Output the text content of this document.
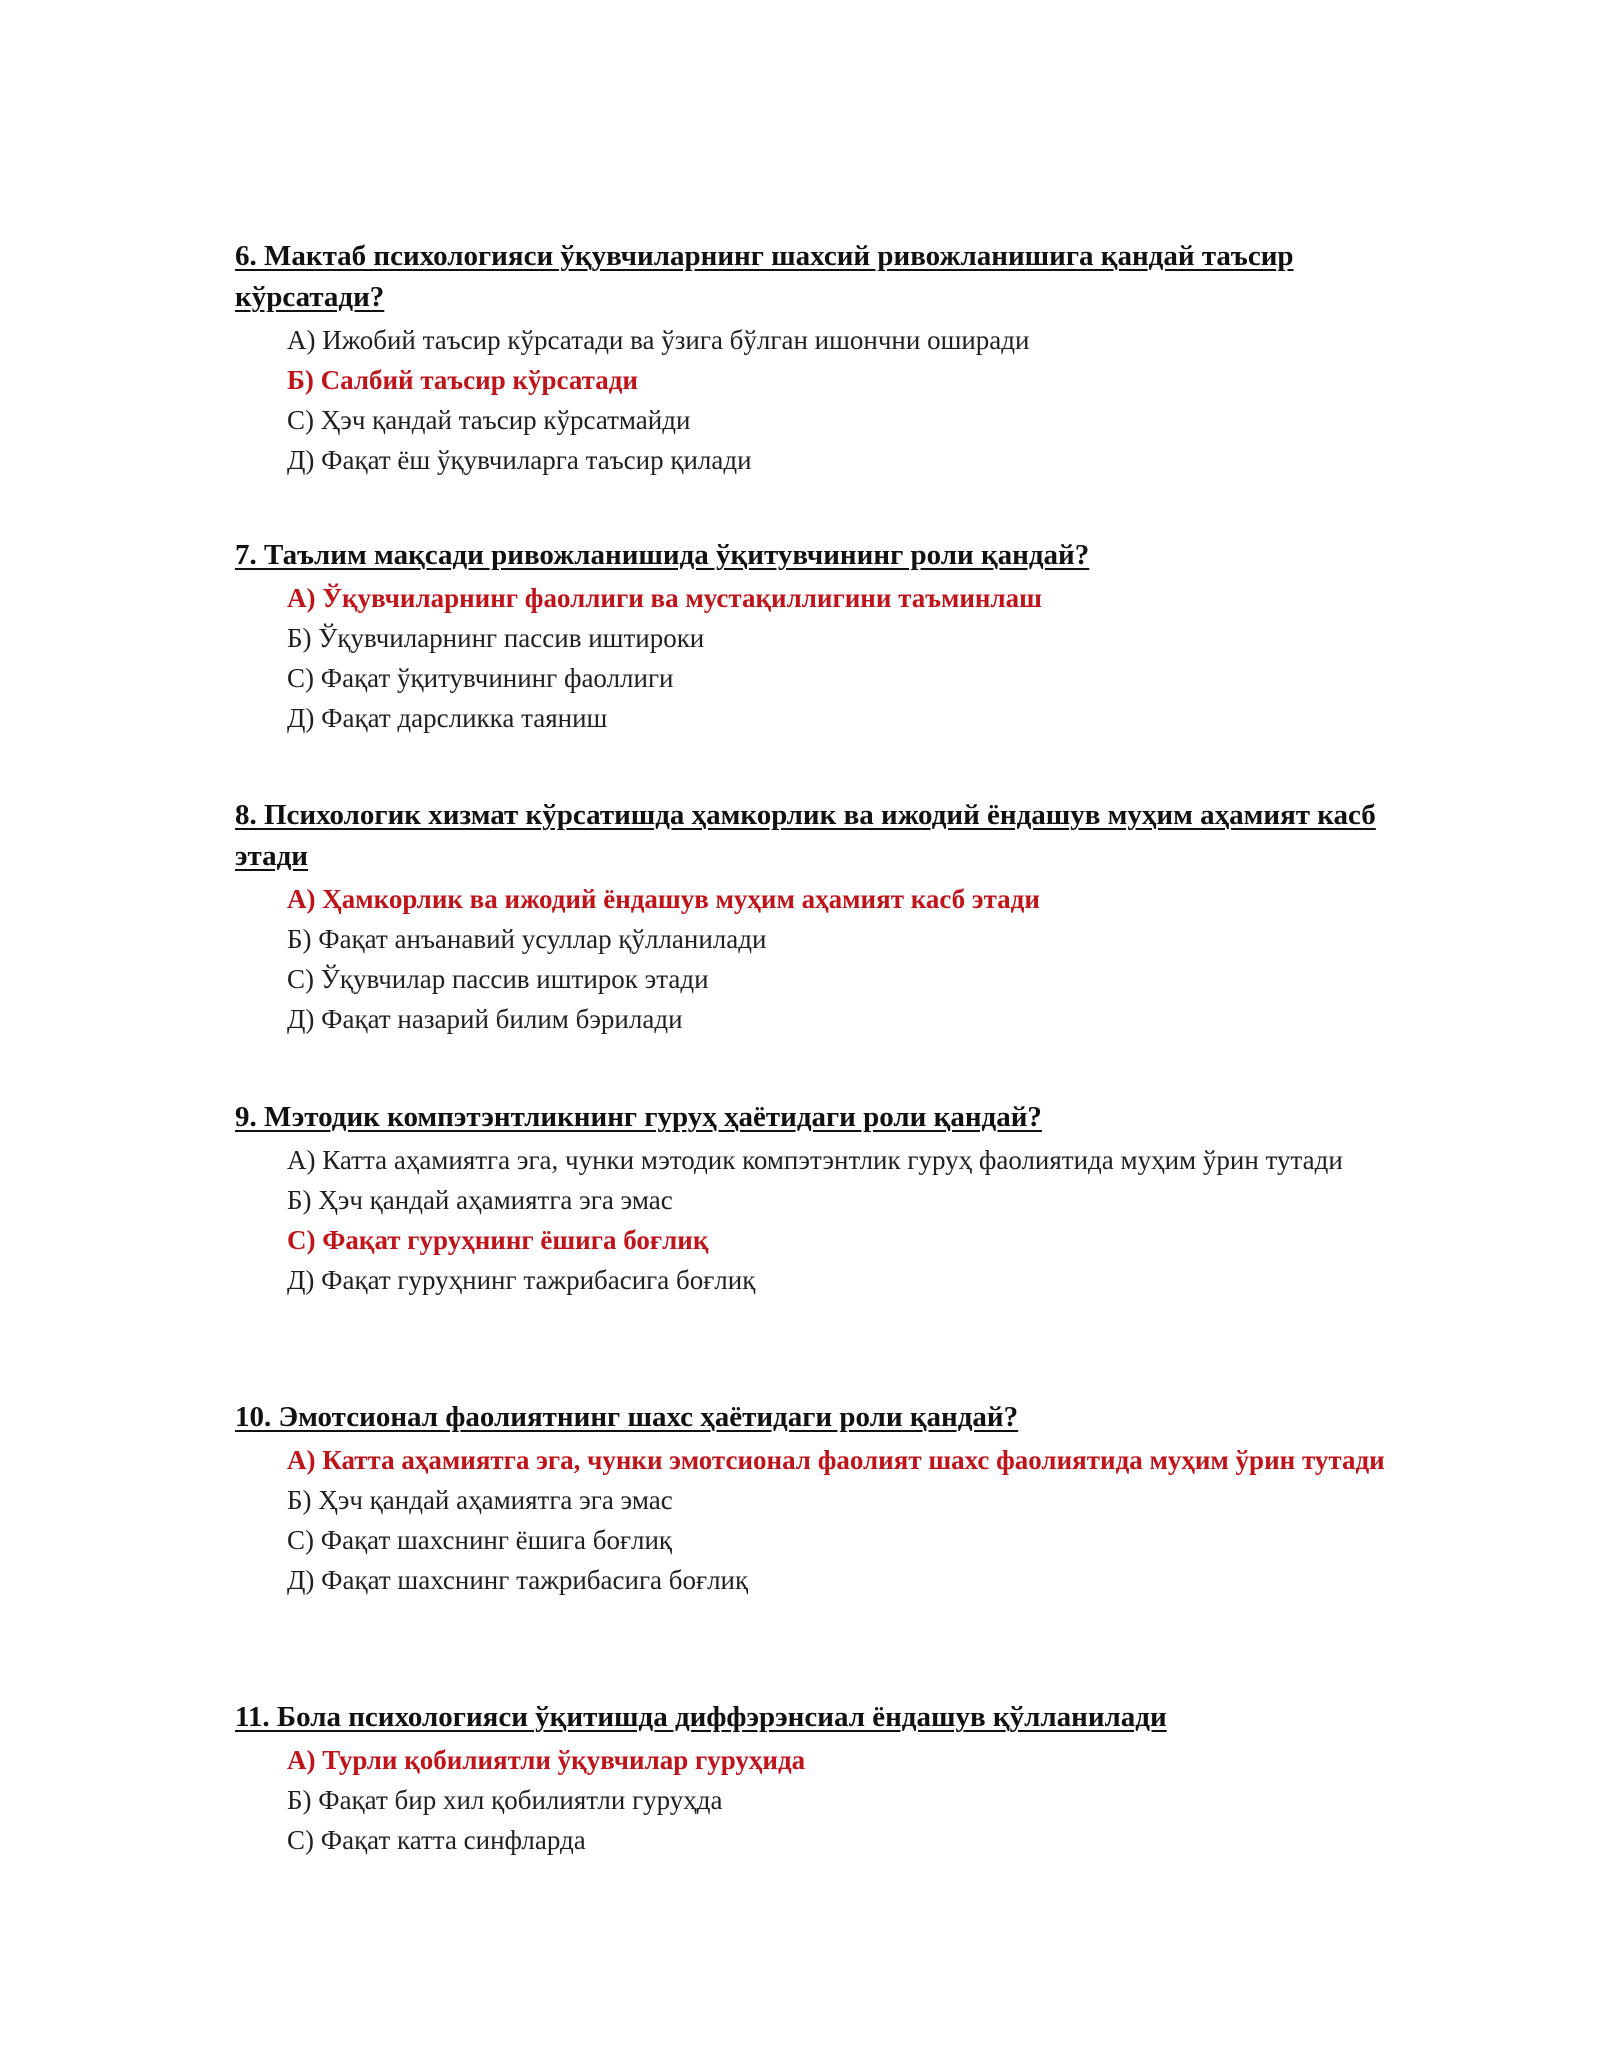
6. Мактаб психологияси ўқувчиларнинг шахсий ривожланишига қандай таъсир кўрсатади?
А) Ижобий таъсир кўрсатади ва ўзига бўлган ишончни оширади
Б) Салбий таъсир кўрсатади
С) Ҳэч қандай таъсир кўрсатмайди
Д) Фақат ёш ўқувчиларга таъсир қилади
7. Таълим мақсади ривожланишида ўқитувчининг роли қандай?
А) Ўқувчиларнинг фаоллиги ва мустақиллигини таъминлаш
Б) Ўқувчиларнинг пассив иштироки
С) Фақат ўқитувчининг фаоллиги
Д) Фақат дарсликка таяниш
8. Психологик хизмат кўрсатишда ҳамкорлик ва ижодий ёндашув муҳим аҳамият касб этади
А) Ҳамкорлик ва ижодий ёндашув муҳим аҳамият касб этади
Б) Фақат анъанавий усуллар қўлланилади
С) Ўқувчилар пассив иштирок этади
Д) Фақат назарий билим бэрилади
9. Мэтодик компэтэнтликнинг гуруҳ ҳаётидаги роли қандай?
А) Катта аҳамиятга эга, чунки мэтодик компэтэнтлик гуруҳ фаолиятида муҳим ўрин тутади
Б) Ҳэч қандай аҳамиятга эга эмас
С) Фақат гуруҳнинг ёшига боғлиқ
Д) Фақат гуруҳнинг тажрибасига боғлиқ
10. Эмотсионал фаолиятнинг шахс ҳаётидаги роли қандай?
А) Катта аҳамиятга эга, чунки эмотсионал фаолият шахс фаолиятида муҳим ўрин тутади
Б) Ҳэч қандай аҳамиятга эга эмас
С) Фақат шахснинг ёшига боғлиқ
Д) Фақат шахснинг тажрибасига боғлиқ
11. Бола психологияси ўқитишда диффэрэнсиал ёндашув қўлланилади
А) Турли қобилиятли ўқувчилар гуруҳида
Б) Фақат бир хил қобилиятли гуруҳда
С) Фақат катта синфларда
